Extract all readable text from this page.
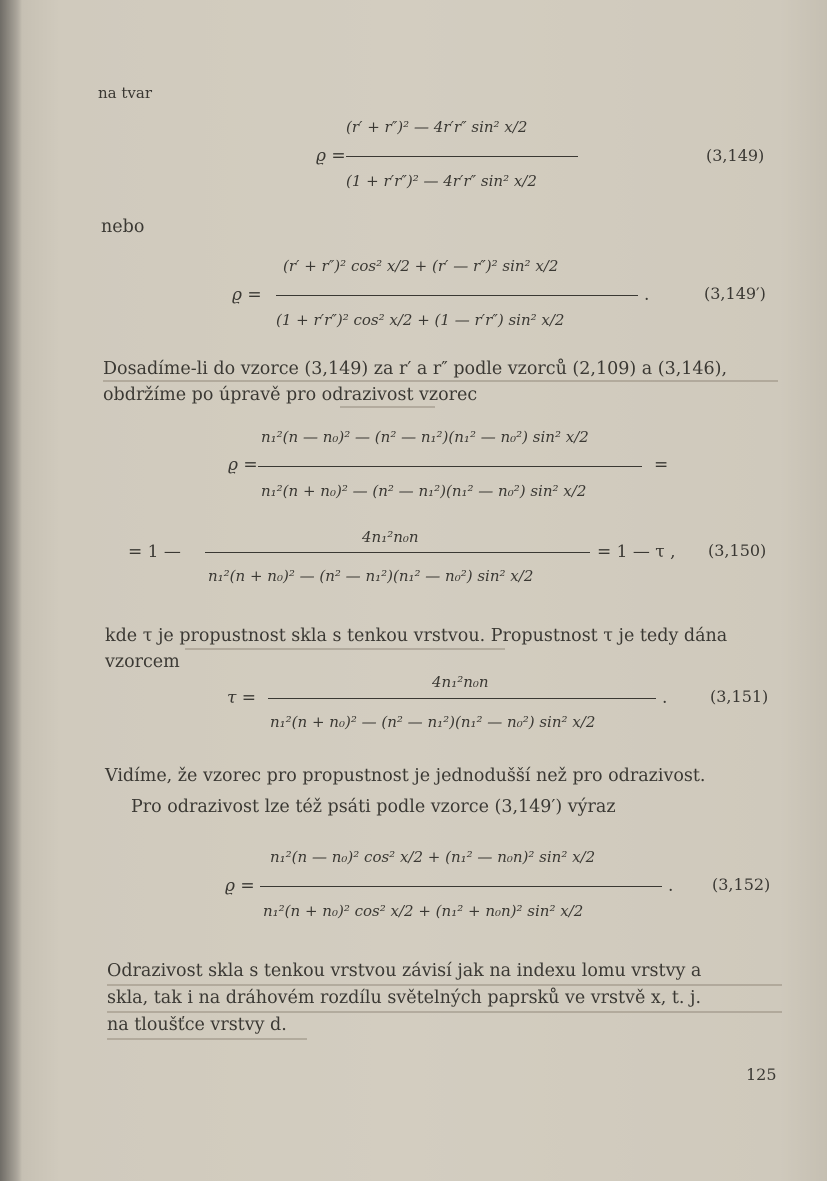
na tvar
ϱ =
(r′ + r″)² — 4r′r″ sin² x/2
(1 + r′r″)² — 4r′r″ sin² x/2
(3,149)
nebo
ϱ =
(r′ + r″)² cos² x/2 + (r′ — r″)² sin² x/2
(1 + r′r″)² cos² x/2 + (1 — r′r″) sin² x/2
.	(3,149′)
Dosadíme-li do vzorce (3,149) za r′ a r″ podle vzorců (2,109) a (3,146),
obdržíme po úpravě pro odrazivost vzorec
ϱ =
n₁²(n — n₀)² — (n² — n₁²)(n₁² — n₀²) sin² x/2
n₁²(n + n₀)² — (n² — n₁²)(n₁² — n₀²) sin² x/2
=
= 1 —
4n₁²n₀n
n₁²(n + n₀)² — (n² — n₁²)(n₁² — n₀²) sin² x/2
= 1 — τ , (3,150)
kde τ je propustnost skla s tenkou vrstvou. Propustnost τ je tedy dána
vzorcem
τ =
4n₁²n₀n
n₁²(n + n₀)² — (n² — n₁²)(n₁² — n₀²) sin² x/2
.	(3,151)
Vidíme, že vzorec pro propustnost je jednodušší než pro odrazivost.
Pro odrazivost lze též psáti podle vzorce (3,149′) výraz
ϱ =
n₁²(n — n₀)² cos² x/2 + (n₁² — n₀n)² sin² x/2
n₁²(n + n₀)² cos² x/2 + (n₁² + n₀n)² sin² x/2
. (3,152)
Odrazivost skla s tenkou vrstvou závisí jak na indexu lomu vrstvy a
skla, tak i na dráhovém rozdílu světelných paprsků ve vrstvě x, t. j.
na tloušťce vrstvy d.
125
